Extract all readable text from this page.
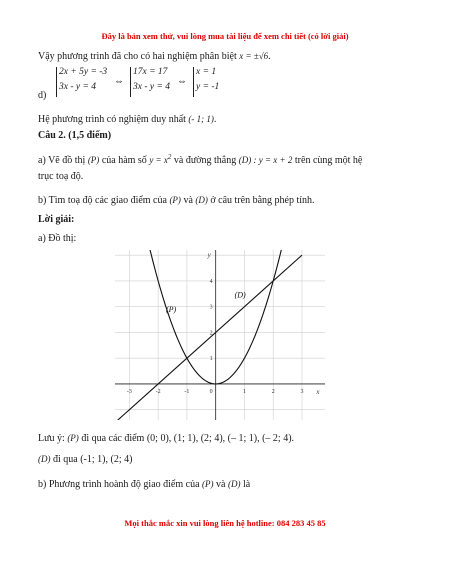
Đây là bản xem thử, vui lòng mua tài liệu để xem chi tiết (có lời giải)
Vậy phương trình đã cho có hai nghiệm phân biệt x = ±√6.
d)
2x + 5y = -3
3x - y = 4	⇔
17x = 17
3x - y = 4 ⇔
x = 1
y = -1
Hệ phương trình có nghiệm duy nhất (- 1; 1).
Câu 2. (1,5 điểm)
a) Vẽ đồ thị (P) của hàm số $y = x^2$ và đường thẳng (D) : y = x + 2 trên cùng một hệ
trục toạ độ.
b) Tìm toạ độ các giao điểm của (P) và (D) ở câu trên bằng phép tính.
Lời giải:
a) Đồ thị:
-3	-2	-1	1	2	3
1
2
3
4
0	x
y
(P)
(D)
Lưu ý: (P) đi qua các điểm (0; 0), (1; 1), (2; 4), (– 1; 1), (– 2; 4).
(D) đi qua (-1; 1), (2; 4)
b) Phương trình hoành độ giao điểm của (P) và (D) là
Mọi thắc mắc xin vui lòng liên hệ hotline: 084 283 45 85
